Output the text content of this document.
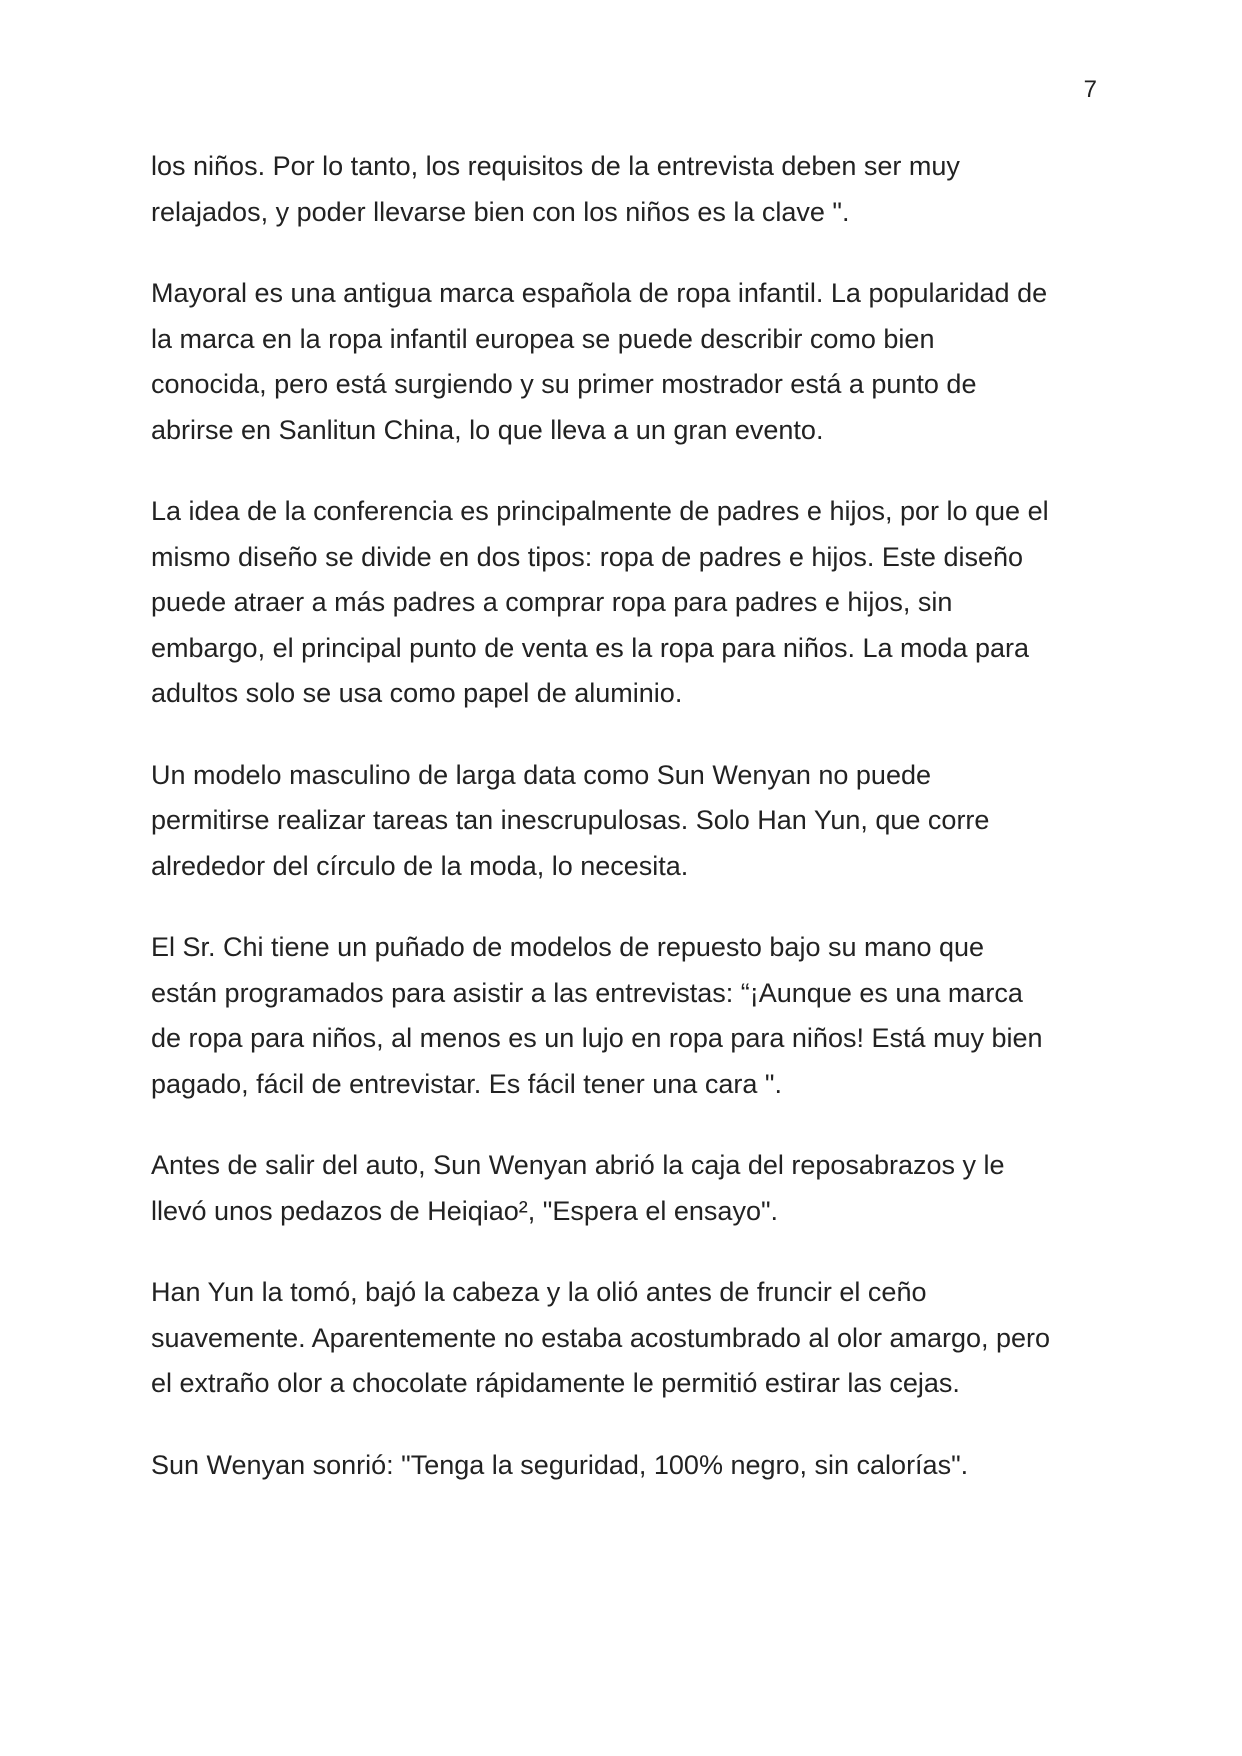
7

los niños. Por lo tanto, los requisitos de la entrevista deben ser muy
relajados, y poder llevarse bien con los niños es la clave ".

Mayoral es una antigua marca española de ropa infantil. La popularidad de
la marca en la ropa infantil europea se puede describir como bien
conocida, pero está surgiendo y su primer mostrador está a punto de
abrirse en Sanlitun China, lo que lleva a un gran evento.

La idea de la conferencia es principalmente de padres e hijos, por lo que el
mismo diseño se divide en dos tipos: ropa de padres e hijos. Este diseño
puede atraer a más padres a comprar ropa para padres e hijos, sin
embargo, el principal punto de venta es la ropa para niños. La moda para
adultos solo se usa como papel de aluminio.

Un modelo masculino de larga data como Sun Wenyan no puede
permitirse realizar tareas tan inescrupulosas. Solo Han Yun, que corre
alrededor del círculo de la moda, lo necesita.

El Sr. Chi tiene un puñado de modelos de repuesto bajo su mano que
están programados para asistir a las entrevistas: “¡Aunque es una marca
de ropa para niños, al menos es un lujo en ropa para niños! Está muy bien
pagado, fácil de entrevistar. Es fácil tener una cara ".

Antes de salir del auto, Sun Wenyan abrió la caja del reposabrazos y le
llevó unos pedazos de Heiqiao², "Espera el ensayo".

Han Yun la tomó, bajó la cabeza y la olió antes de fruncir el ceño
suavemente. Aparentemente no estaba acostumbrado al olor amargo, pero
el extraño olor a chocolate rápidamente le permitió estirar las cejas.

Sun Wenyan sonrió: "Tenga la seguridad, 100% negro, sin calorías".
